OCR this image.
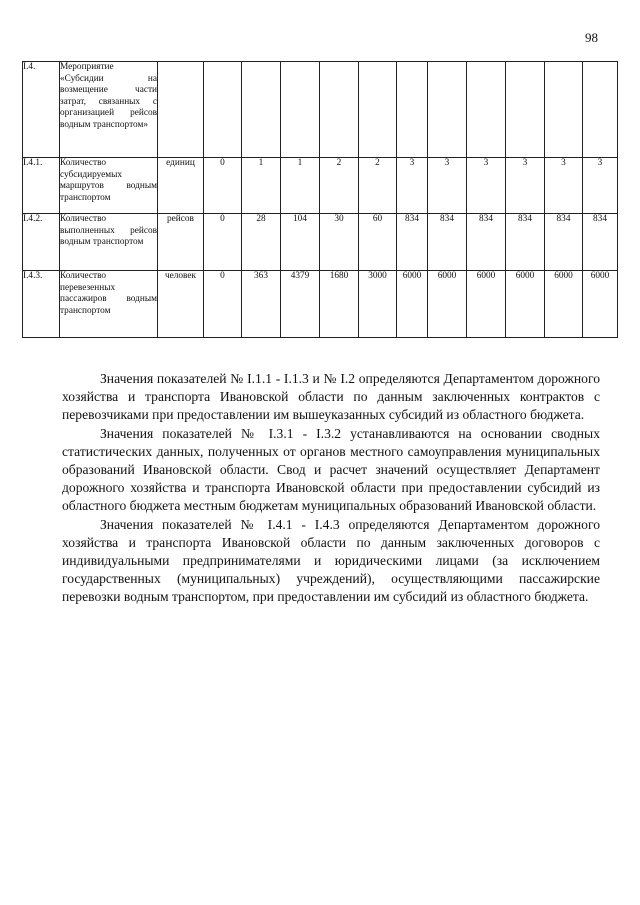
98
I.4.	Мероприятие «Субсидии на возмещение части затрат, связанных с организацией рейсов водным транспортом»												
I.4.1.	Количество субсидируемых маршрутов водным транспортом	единиц	0	1	1	2	2	3	3	3	3	3	3
I.4.2.	Количество выполненных рейсов водным транспортом	рейсов	0	28	104	30	60	834	834	834	834	834	834
I.4.3.	Количество перевезенных пассажиров водным транспортом	человек	0	363	4379	1680	3000	6000	6000	6000	6000	6000	6000

Значения показателей № I.1.1 - I.1.3 и № I.2 определяются Департаментом дорожного хозяйства и транспорта Ивановской области по данным заключенных контрактов с перевозчиками при предоставлении им вышеуказанных субсидий из областного бюджета.

Значения показателей № I.3.1 - I.3.2 устанавливаются на основании сводных статистических данных, полученных от органов местного самоуправления муниципальных образований Ивановской области. Свод и расчет значений осуществляет Департамент дорожного хозяйства и транспорта Ивановской области при предоставлении субсидий из областного бюджета местным бюджетам муниципальных образований Ивановской области.

Значения показателей № I.4.1 - I.4.3 определяются Департаментом дорожного хозяйства и транспорта Ивановской области по данным заключенных договоров с индивидуальными предпринимателями и юридическими лицами (за исключением государственных (муниципальных) учреждений), осуществляющими пассажирские перевозки водным транспортом, при предоставлении им субсидий из областного бюджета.
